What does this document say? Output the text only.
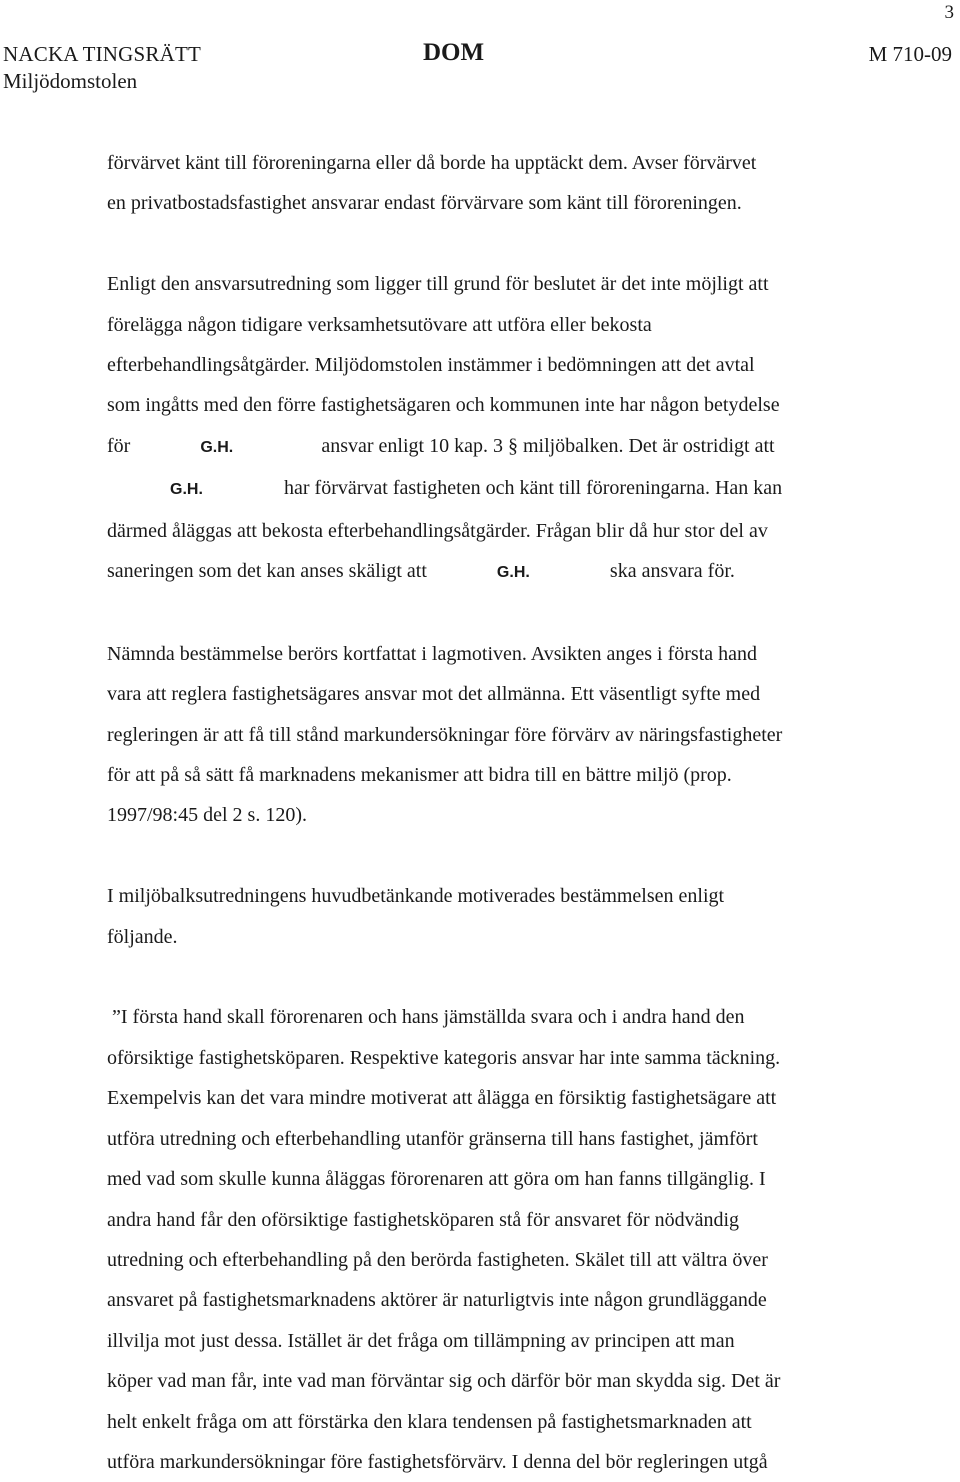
3
NACKA TINGSRÄTT
Miljödomstolen
DOM	M 710-09

förvärvet känt till föroreningarna eller då borde ha upptäckt dem. Avser förvärvet

en privatbostadsfastighet ansvarar endast förvärvare som känt till föroreningen.

Enligt den ansvarsutredning som ligger till grund för beslutet är det inte möjligt att

förelägga någon tidigare verksamhetsutövare att utföra eller bekosta

efterbehandlingsåtgärder. Miljödomstolen instämmer i bedömningen att det avtal

som ingåtts med den förre fastighetsägaren och kommunen inte har någon betydelse

för	G.H.	ansvar enligt 10 kap. 3 § miljöbalken. Det är ostridigt att

G.H.	har förvärvat fastigheten och känt till föroreningarna. Han kan

därmed åläggas att bekosta efterbehandlingsåtgärder. Frågan blir då hur stor del av

saneringen som det kan anses skäligt att	G.H.	ska ansvara för.

Nämnda bestämmelse berörs kortfattat i lagmotiven. Avsikten anges i första hand

vara att reglera fastighetsägares ansvar mot det allmänna. Ett väsentligt syfte med

regleringen är att få till stånd markundersökningar före förvärv av näringsfastigheter

för att på så sätt få marknadens mekanismer att bidra till en bättre miljö (prop.

1997/98:45 del 2 s. 120).

I miljöbalksutredningens huvudbetänkande motiverades bestämmelsen enligt

följande.

”I första hand skall förorenaren och hans jämställda svara och i andra hand den

oförsiktige fastighetsköparen. Respektive kategoris ansvar har inte samma täckning.

Exempelvis kan det vara mindre motiverat att ålägga en försiktig fastighetsägare att

utföra utredning och efterbehandling utanför gränserna till hans fastighet, jämfört

med vad som skulle kunna åläggas förorenaren att göra om han fanns tillgänglig. I

andra hand får den oförsiktige fastighetsköparen stå för ansvaret för nödvändig

utredning och efterbehandling på den berörda fastigheten. Skälet till att vältra över

ansvaret på fastighetsmarknadens aktörer är naturligtvis inte någon grundläggande

illvilja mot just dessa. Istället är det fråga om tillämpning av principen att man

köper vad man får, inte vad man förväntar sig och därför bör man skydda sig. Det är

helt enkelt fråga om att förstärka den klara tendensen på fastighetsmarknaden att

utföra markundersökningar före fastighetsförvärv. I denna del bör regleringen utgå
